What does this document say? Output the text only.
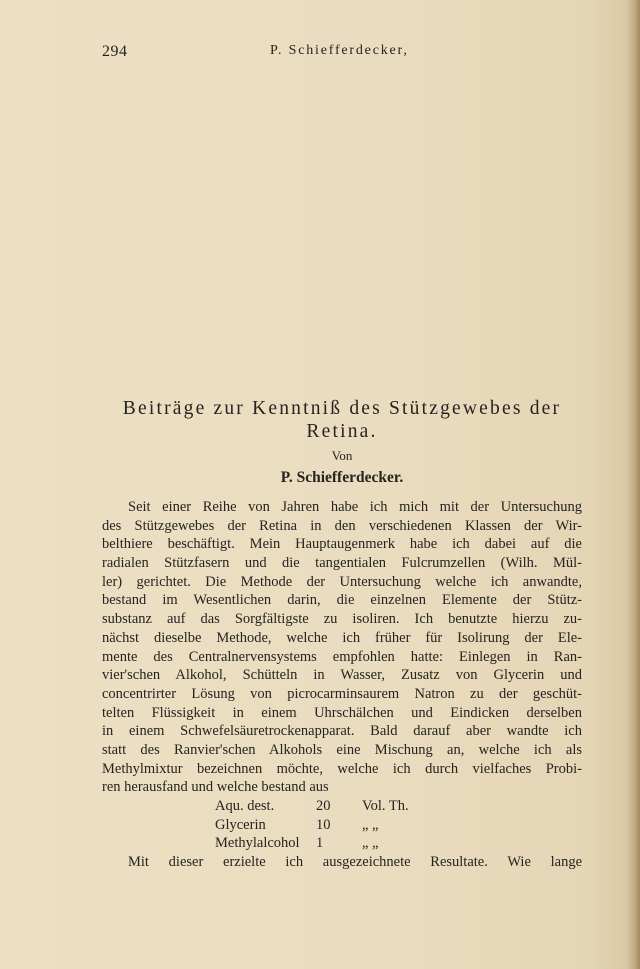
294	P. Schiefferdecker,
Beiträge zur Kenntniß des Stützgewebes der
Retina.
Von
P. Schiefferdecker.
Seit einer Reihe von Jahren habe ich mich mit der Untersuchung
des Stützgewebes der Retina in den verschiedenen Klassen der Wir-
belthiere beschäftigt. Mein Hauptaugenmerk habe ich dabei auf die
radialen Stützfasern und die tangentialen Fulcrumzellen (Wilh. Mül-
ler) gerichtet. Die Methode der Untersuchung welche ich anwandte,
bestand im Wesentlichen darin, die einzelnen Elemente der Stütz-
substanz auf das Sorgfältigste zu isoliren. Ich benutzte hierzu zu-
nächst dieselbe Methode, welche ich früher für Isolirung der Ele-
mente des Centralnervensystems empfohlen hatte: Einlegen in Ran-
vier'schen Alkohol, Schütteln in Wasser, Zusatz von Glycerin und
concentrirter Lösung von picrocarminsaurem Natron zu der geschüt-
telten Flüssigkeit in einem Uhrschälchen und Eindicken derselben
in einem Schwefelsäuretrockenapparat. Bald darauf aber wandte ich
statt des Ranvier'schen Alkohols eine Mischung an, welche ich als
Methylmixtur bezeichnen möchte, welche ich durch vielfaches Probi-
ren herausfand und welche bestand aus
Aqu. dest.	20 Vol. Th.
Glycerin	10 „ „
Methylalcohol 1	„ „
Mit dieser erzielte ich ausgezeichnete Resultate. Wie lange
